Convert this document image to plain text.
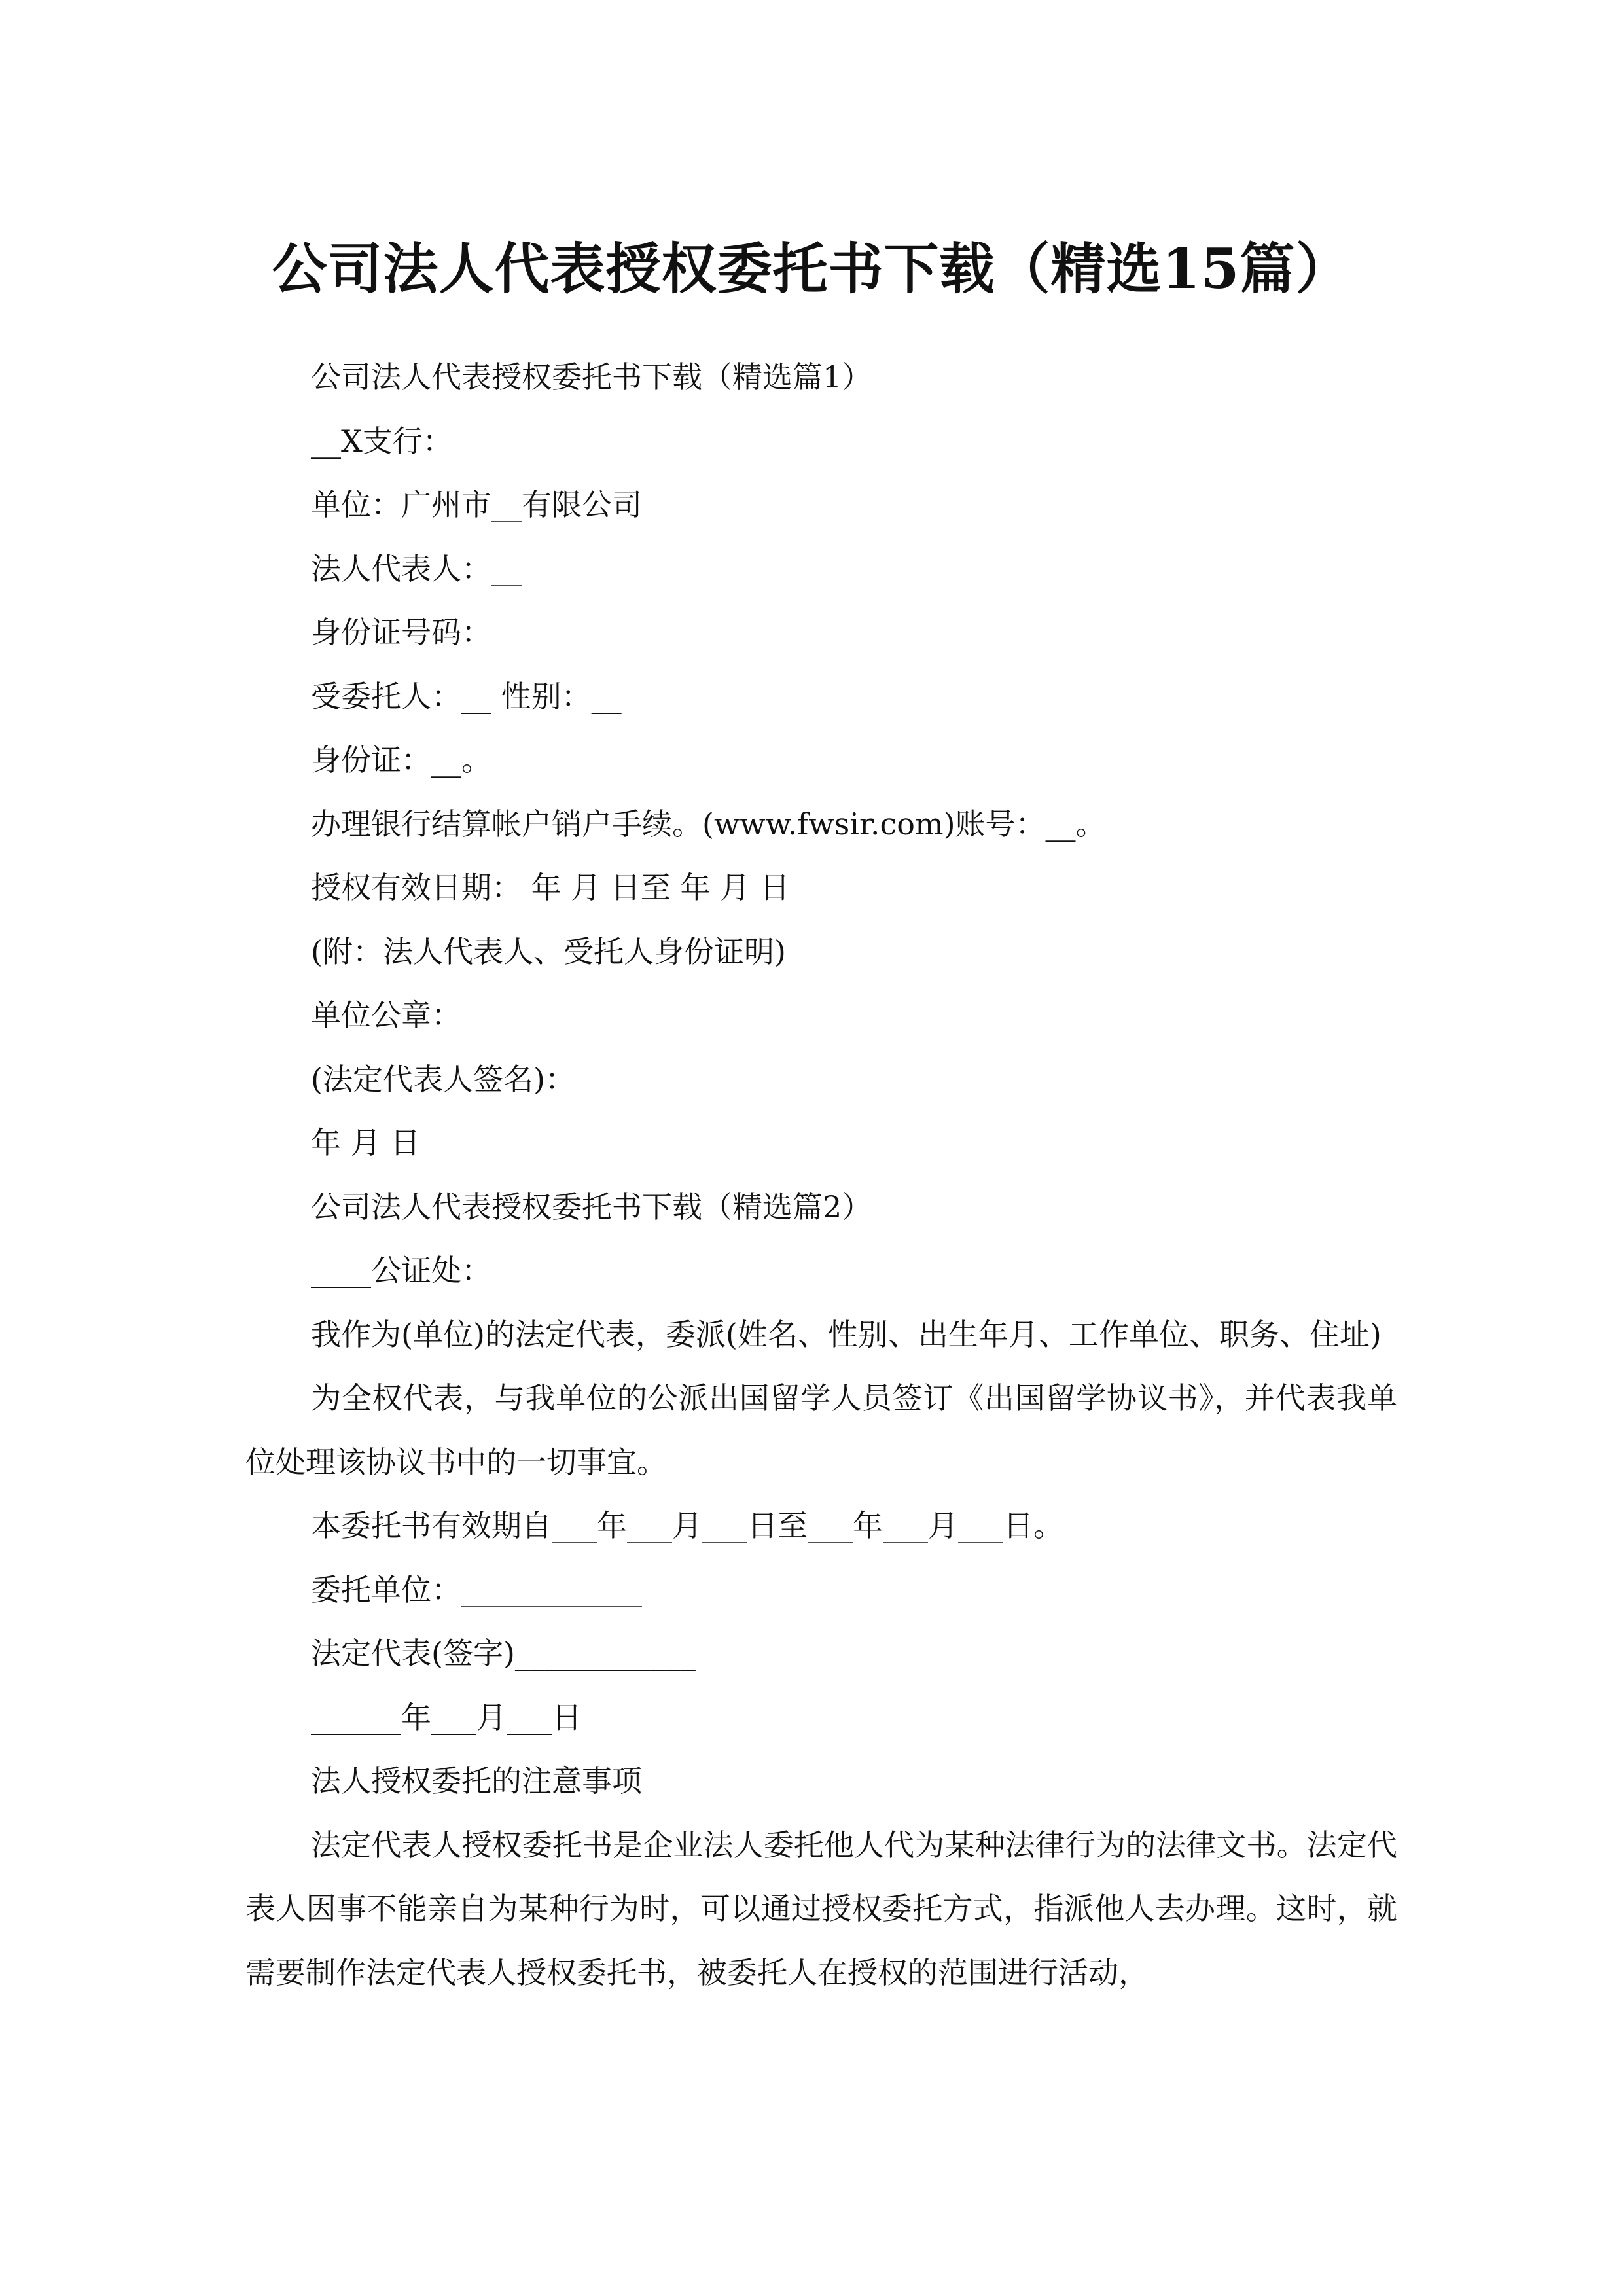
公司法人代表授权委托书下载（精选15篇）

公司法人代表授权委托书下载（精选篇1）

__X支行：

单位：广州市__有限公司

法人代表人：__

身份证号码：

受委托人：__ 性别：__

身份证：__。

办理银行结算帐户销户手续。(www.fwsir.com)账号：__。

授权有效日期： 年 月 日至 年 月 日

(附：法人代表人、受托人身份证明)

单位公章：

(法定代表人签名)：

年 月 日

公司法人代表授权委托书下载（精选篇2）

____公证处：

我作为(单位)的法定代表，委派(姓名、性别、出生年月、工作单位、职务、住址)

为全权代表，与我单位的公派出国留学人员签订《出国留学协议书》，并代表我单位处理该协议书中的一切事宜。

本委托书有效期自___年___月___日至___年___月___日。

委托单位：____________

法定代表(签字)____________

______年___月___日

法人授权委托的注意事项

法定代表人授权委托书是企业法人委托他人代为某种法律行为的法律文书。法定代表人因事不能亲自为某种行为时，可以通过授权委托方式，指派他人去办理。这时，就需要制作法定代表人授权委托书，被委托人在授权的范围进行活动，
